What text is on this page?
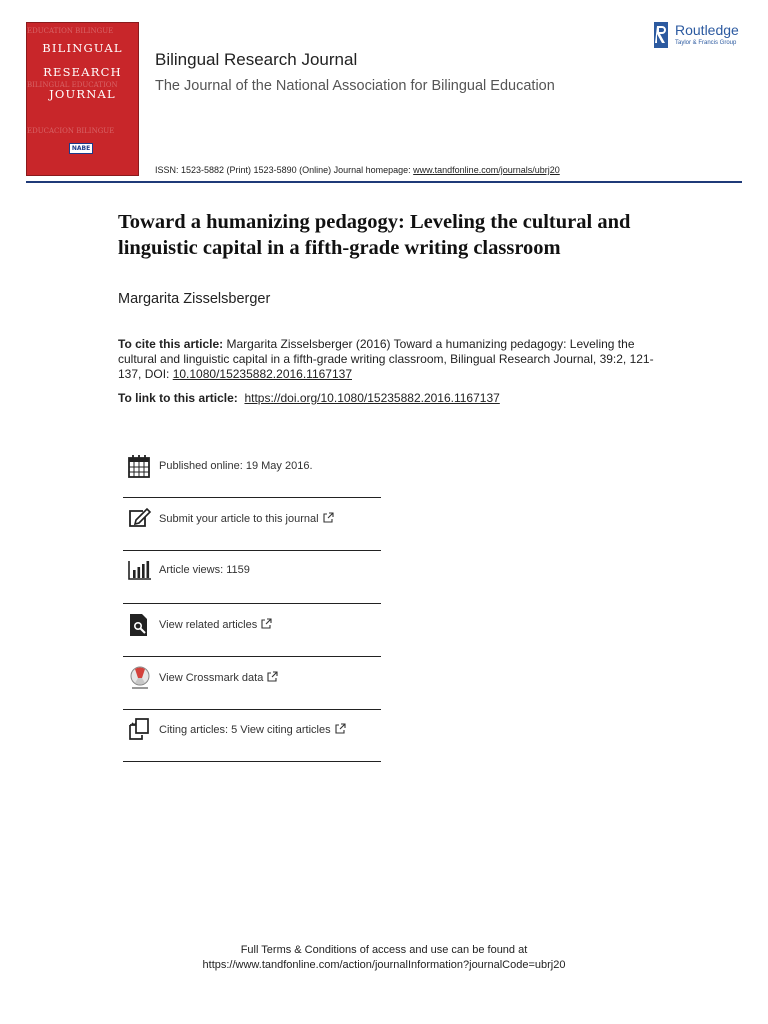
EDUCATION BILINGUE
BILINGUAL EDUCATION
EDUCACION BILINGUE
BILINGUAL
RESEARCH
JOURNAL
NABE
Bilingual Research Journal
The Journal of the National Association for Bilingual Education
ISSN: 1523-5882 (Print) 1523-5890 (Online) Journal homepage: www.tandfonline.com/journals/ubrj20
Routledge
Taylor & Francis Group
Toward a humanizing pedagogy: Leveling the cultural and linguistic capital in a fifth-grade writing classroom
Margarita Zisselsberger
To cite this article: Margarita Zisselsberger (2016) Toward a humanizing pedagogy: Leveling the cultural and linguistic capital in a fifth-grade writing classroom, Bilingual Research Journal, 39:2, 121-137, DOI: 10.1080/15235882.2016.1167137
To link to this article:  https://doi.org/10.1080/15235882.2016.1167137
Published online: 19 May 2016.
Submit your article to this journal
Article views: 1159
View related articles
View Crossmark data
Citing articles: 5 View citing articles
Full Terms & Conditions of access and use can be found at
https://www.tandfonline.com/action/journalInformation?journalCode=ubrj20
